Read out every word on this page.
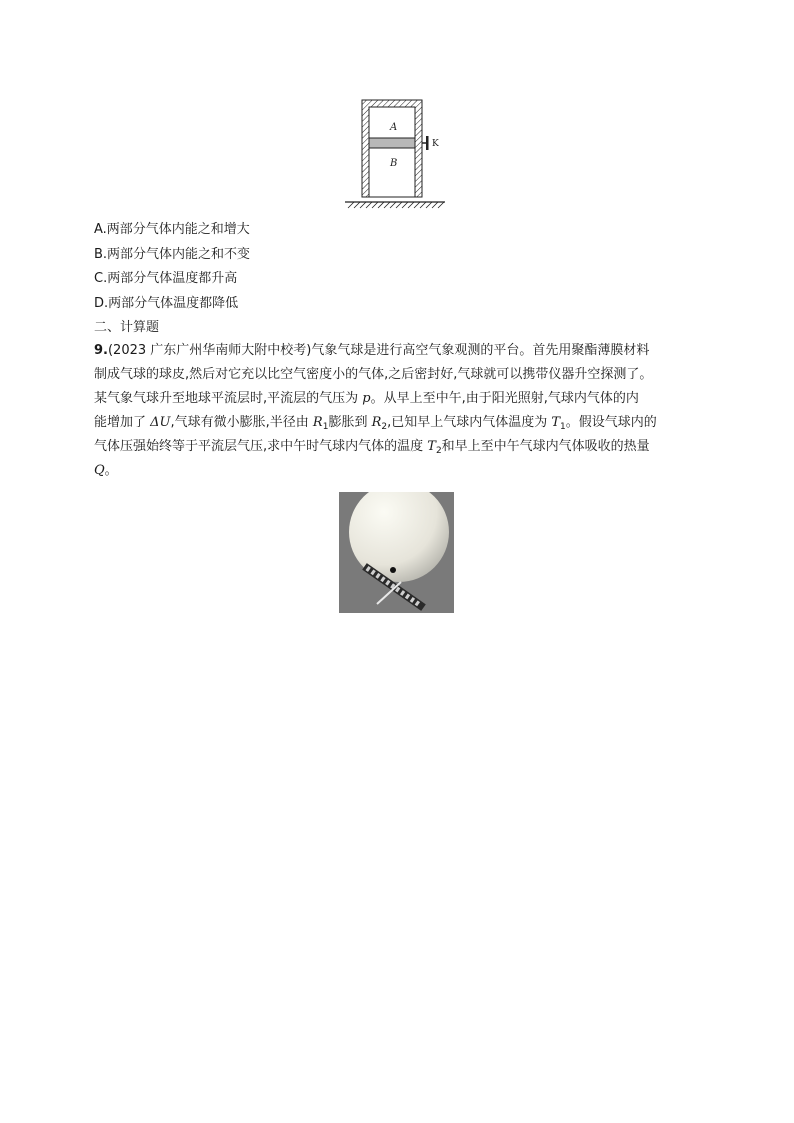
A
B
K
A.两部分气体内能之和增大
B.两部分气体内能之和不变
C.两部分气体温度都升高
D.两部分气体温度都降低
二、计算题
9.(2023 广东广州华南师大附中校考)气象气球是进行高空气象观测的平台。首先用聚酯薄膜材料
制成气球的球皮,然后对它充以比空气密度小的气体,之后密封好,气球就可以携带仪器升空探测了。
某气象气球升至地球平流层时,平流层的气压为 p。从早上至中午,由于阳光照射,气球内气体的内
能增加了 ΔU,气球有微小膨胀,半径由 $R_1$膨胀到 $R_2$,已知早上气球内气体温度为 $T_1$。假设气球内的
气体压强始终等于平流层气压,求中午时气球内气体的温度 $T_2$和早上至中午气球内气体吸收的热量
Q。
